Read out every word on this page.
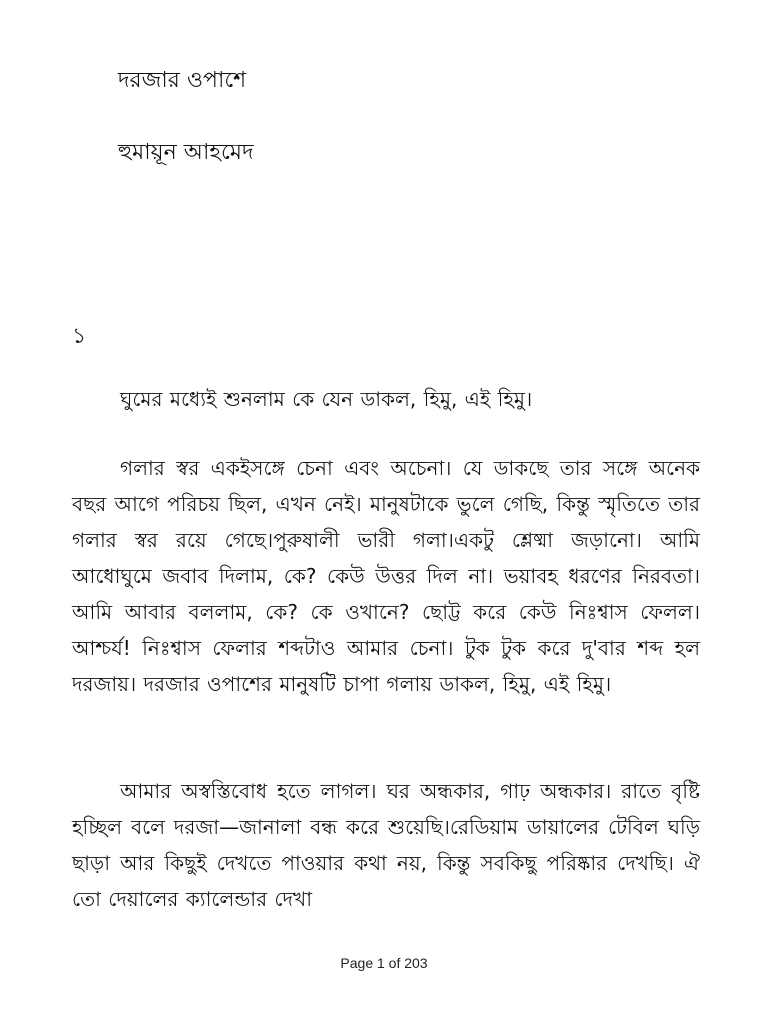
দরজার ওপাশে

হুমায়ূন আহমেদ

১

ঘুমের মধ্যেই শুনলাম কে যেন ডাকল, হিমু, এই হিমু।

গলার স্বর একইসঙ্গে চেনা এবং অচেনা। যে ডাকছে তার সঙ্গে অনেক বছর আগে পরিচয় ছিল, এখন নেই। মানুষটাকে ভুলে গেছি, কিন্তু স্মৃতিতে তার গলার স্বর রয়ে গেছে।পুরুষালী ভারী গলা।একটু শ্লেষ্মা জড়ানো। আমি আধোঘুমে জবাব দিলাম, কে? কেউ উত্তর দিল না। ভয়াবহ ধরণের নিরবতা। আমি আবার বললাম, কে? কে ওখানে? ছোট্ট করে কেউ নিঃশ্বাস ফেলল। আশ্চর্য! নিঃশ্বাস ফেলার শব্দটাও আমার চেনা। টুক টুক করে দু'বার শব্দ হল দরজায়। দরজার ওপাশের মানুষটি চাপা গলায় ডাকল, হিমু, এই হিমু।

আমার অস্বস্তিবোধ হতে লাগল। ঘর অন্ধকার, গাঢ় অন্ধকার। রাতে বৃষ্টি হচ্ছিল বলে দরজা—জানালা বন্ধ করে শুয়েছি।রেডিয়াম ডায়ালের টেবিল ঘড়ি ছাড়া আর কিছুই দেখতে পাওয়ার কথা নয়, কিন্তু সবকিছু পরিষ্কার দেখছি। ঐ তো দেয়ালের ক্যালেন্ডার দেখা

Page 1 of 203
